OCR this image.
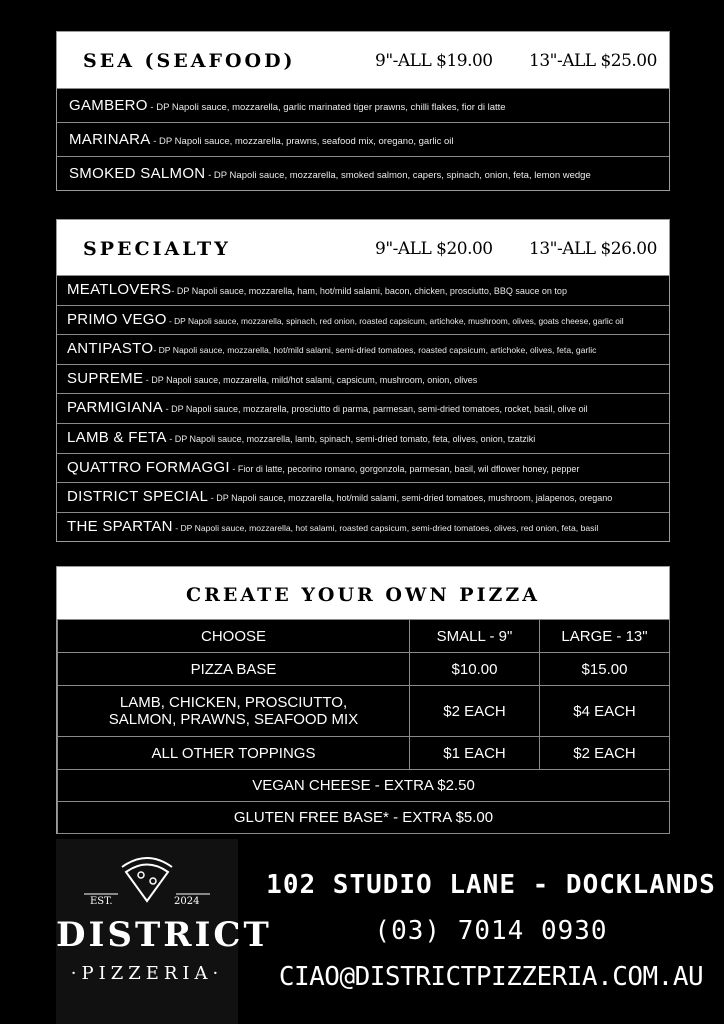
SEA (SEAFOOD)	9"-ALL $19.00 13"-ALL $25.00
GAMBERO - DP Napoli sauce, mozzarella, garlic marinated tiger prawns, chilli flakes, fior di latte
MARINARA - DP Napoli sauce, mozzarella, prawns, seafood mix, oregano, garlic oil
SMOKED SALMON - DP Napoli sauce, mozzarella, smoked salmon, capers, spinach, onion, feta, lemon wedge
SPECIALTY	9"-ALL $20.00 13"-ALL $26.00
MEATLOVERS- DP Napoli sauce, mozzarella, ham, hot/mild salami, bacon, chicken, prosciutto, BBQ sauce on top
PRIMO VEGO - DP Napoli sauce, mozzarella, spinach, red onion, roasted capsicum, artichoke, mushroom, olives, goats cheese, garlic oil
ANTIPASTO- DP Napoli sauce, mozzarella, hot/mild salami, semi-dried tomatoes, roasted capsicum, artichoke, olives, feta, garlic
SUPREME - DP Napoli sauce, mozzarella, mild/hot salami, capsicum, mushroom, onion, olives
PARMIGIANA - DP Napoli sauce, mozzarella, prosciutto di parma, parmesan, semi-dried tomatoes, rocket, basil, olive oil
LAMB & FETA - DP Napoli sauce, mozzarella, lamb, spinach, semi-dried tomato, feta, olives, onion, tzatziki
QUATTRO FORMAGGI - Fior di latte, pecorino romano, gorgonzola, parmesan, basil, wil dflower honey, pepper
DISTRICT SPECIAL - DP Napoli sauce, mozzarella, hot/mild salami, semi-dried tomatoes, mushroom, jalapenos, oregano
THE SPARTAN - DP Napoli sauce, mozzarella, hot salami, roasted capsicum, semi-dried tomatoes, olives, red onion, feta, basil
CREATE YOUR OWN PIZZA
CHOOSE	SMALL - 9"	LARGE - 13"
PIZZA BASE	$10.00	$15.00
LAMB, CHICKEN, PROSCIUTTO,
SALMON, PRAWNS, SEAFOOD MIX	$2 EACH	$4 EACH
ALL OTHER TOPPINGS	$1 EACH	$2 EACH
VEGAN CHEESE - EXTRA $2.50		
GLUTEN FREE BASE* - EXTRA $5.00		
EST.	2024
DISTRICT
·PIZZERIA·
102 STUDIO LANE - DOCKLANDS
(03) 7014 0930
CIAO@DISTRICTPIZZERIA.COM.AU
